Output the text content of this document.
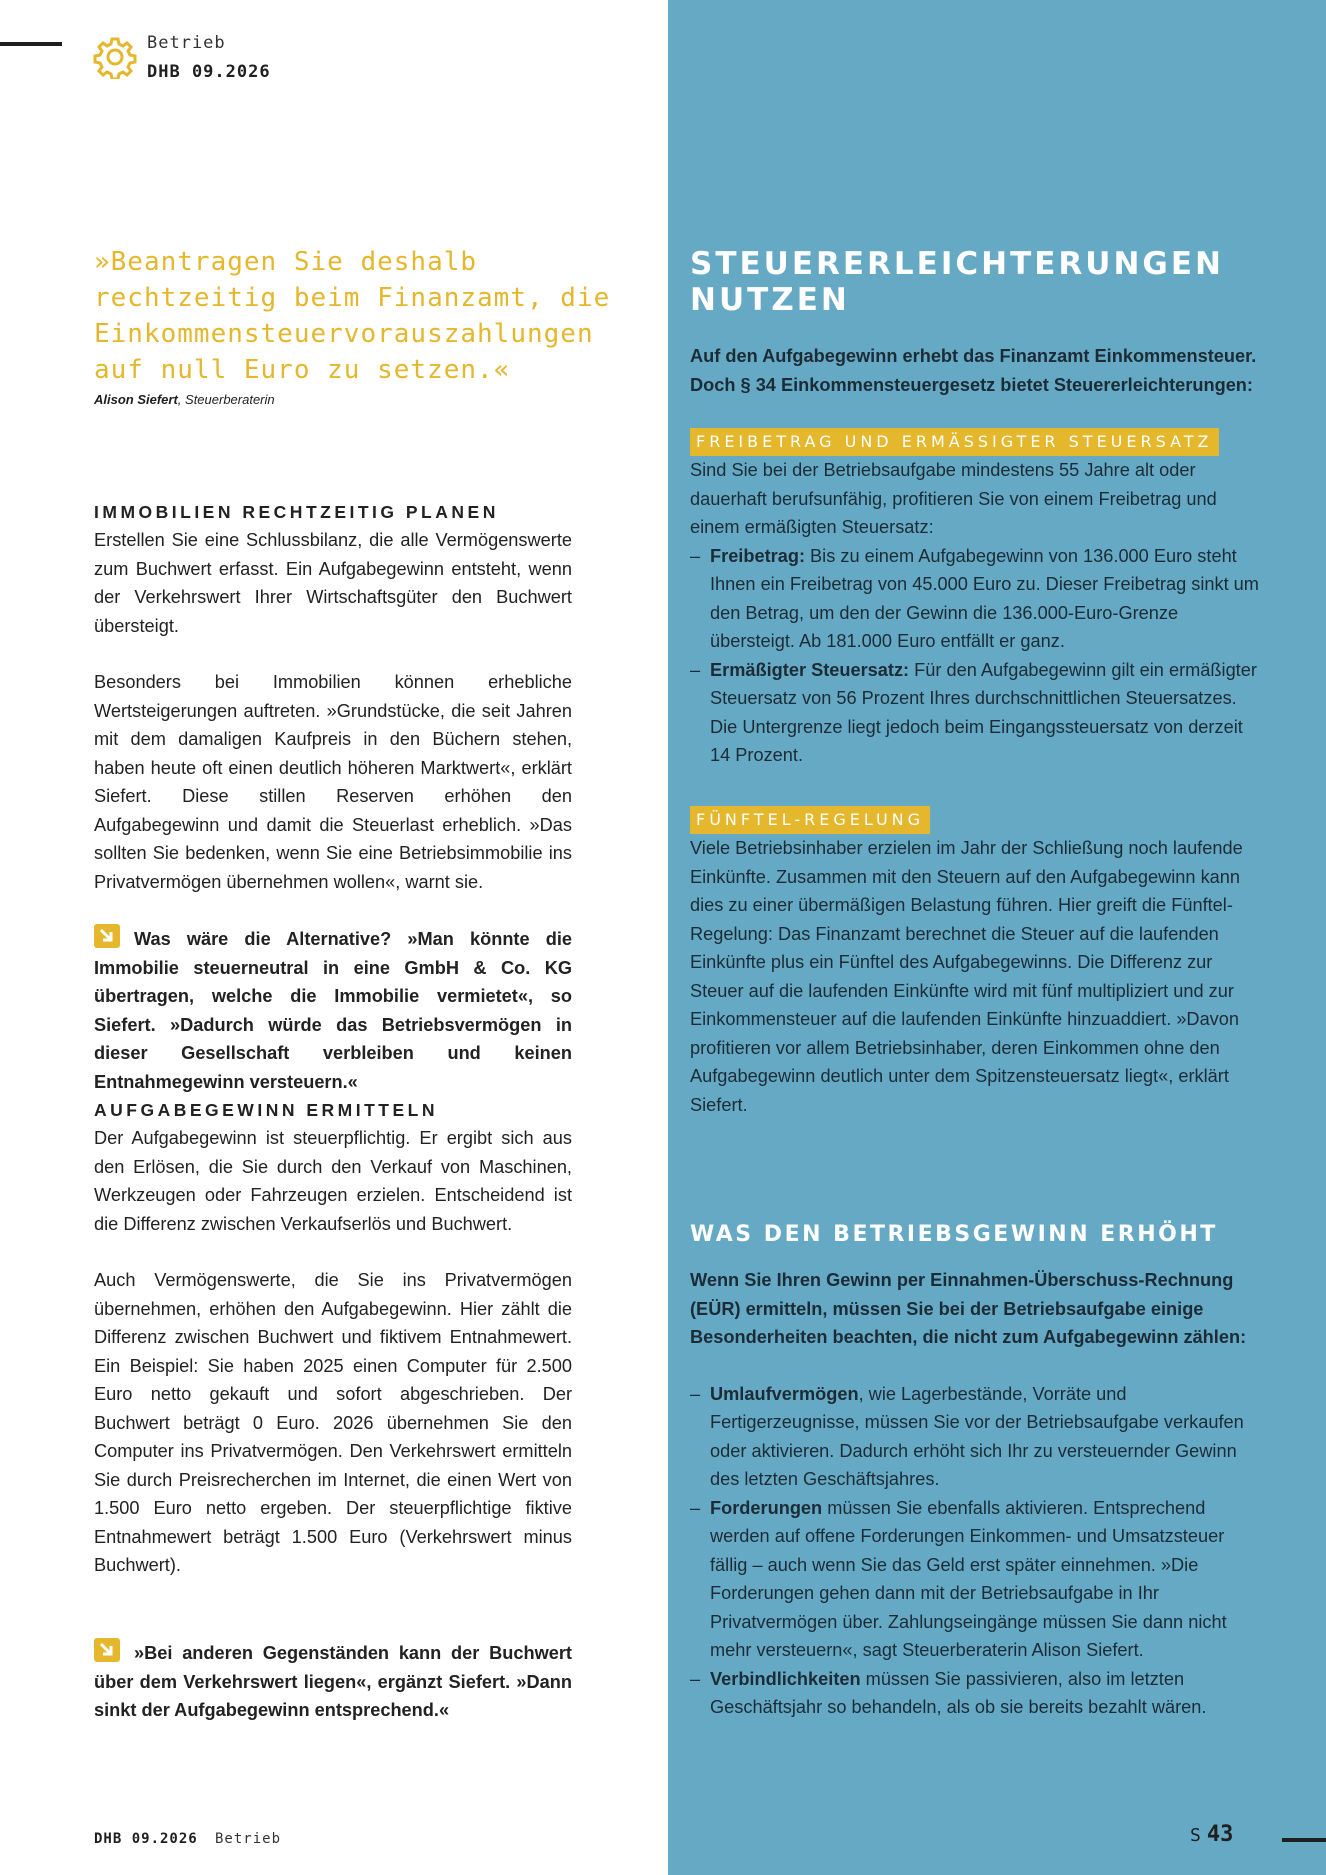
Betrieb
DHB 09.2026
»Beantragen Sie deshalb rechtzeitig beim Finanzamt, die Einkommensteuervorauszahlungen auf null Euro zu setzen.«
Alison Siefert, Steuerberaterin

IMMOBILIEN RECHTZEITIG PLANEN

Erstellen Sie eine Schlussbilanz, die alle Vermögenswerte zum Buchwert erfasst. Ein Aufgabegewinn entsteht, wenn der Verkehrswert Ihrer Wirtschaftsgüter den Buchwert übersteigt.

Besonders bei Immobilien können erhebliche Wertsteigerungen auftreten. »Grundstücke, die seit Jahren mit dem damaligen Kaufpreis in den Büchern stehen, haben heute oft einen deutlich höheren Marktwert«, erklärt Siefert. Diese stillen Reserven erhöhen den Aufgabegewinn und damit die Steuerlast erheblich. »Das sollten Sie bedenken, wenn Sie eine Betriebsimmobilie ins Privatvermögen übernehmen wollen«, warnt sie.

Was wäre die Alternative? »Man könnte die Immobilie steuerneutral in eine GmbH & Co. KG übertragen, welche die Immobilie vermietet«, so Siefert. »Dadurch würde das Betriebsvermögen in dieser Gesellschaft verbleiben und keinen Entnahmegewinn versteuern.«

AUFGABEGEWINN ERMITTELN

Der Aufgabegewinn ist steuerpflichtig. Er ergibt sich aus den Erlösen, die Sie durch den Verkauf von Maschinen, Werkzeugen oder Fahrzeugen erzielen. Entscheidend ist die Differenz zwischen Verkaufserlös und Buchwert.

Auch Vermögenswerte, die Sie ins Privatvermögen übernehmen, erhöhen den Aufgabegewinn. Hier zählt die Differenz zwischen Buchwert und fiktivem Entnahmewert. Ein Beispiel: Sie haben 2025 einen Computer für 2.500 Euro netto gekauft und sofort abgeschrieben. Der Buchwert beträgt 0 Euro. 2026 übernehmen Sie den Computer ins Privatvermögen. Den Verkehrswert ermitteln Sie durch Preisrecherchen im Internet, die einen Wert von 1.500 Euro netto ergeben. Der steuerpflichtige fiktive Entnahmewert beträgt 1.500 Euro (Verkehrswert minus Buchwert).

»Bei anderen Gegenständen kann der Buchwert über dem Verkehrswert liegen«, ergänzt Siefert. »Dann sinkt der Aufgabegewinn entsprechend.«

STEUERERLEICHTERUNGEN NUTZEN

Auf den Aufgabegewinn erhebt das Finanzamt Einkommensteuer. Doch § 34 Einkommensteuergesetz bietet Steuererleichterungen:

FREIBETRAG UND ERMÄSSIGTER STEUERSATZ

Sind Sie bei der Betriebsaufgabe mindestens 55 Jahre alt oder dauerhaft berufsunfähig, profitieren Sie von einem Freibetrag und einem ermäßigten Steuersatz:

– Freibetrag: Bis zu einem Aufgabegewinn von 136.000 Euro steht Ihnen ein Freibetrag von 45.000 Euro zu. Dieser Freibetrag sinkt um den Betrag, um den der Gewinn die 136.000-Euro-Grenze übersteigt. Ab 181.000 Euro entfällt er ganz.
– Ermäßigter Steuersatz: Für den Aufgabegewinn gilt ein ermäßigter Steuersatz von 56 Prozent Ihres durchschnittlichen Steuersatzes. Die Untergrenze liegt jedoch beim Eingangssteuersatz von derzeit 14 Prozent.
FÜNFTEL-REGELUNG

Viele Betriebsinhaber erzielen im Jahr der Schließung noch laufende Einkünfte. Zusammen mit den Steuern auf den Aufgabegewinn kann dies zu einer übermäßigen Belastung führen. Hier greift die Fünftel-Regelung: Das Finanzamt berechnet die Steuer auf die laufenden Einkünfte plus ein Fünftel des Aufgabegewinns. Die Differenz zur Steuer auf die laufenden Einkünfte wird mit fünf multipliziert und zur Einkommensteuer auf die laufenden Einkünfte hinzuaddiert. »Davon profitieren vor allem Betriebsinhaber, deren Einkommen ohne den Aufgabegewinn deutlich unter dem Spitzensteuersatz liegt«, erklärt Siefert.

WAS DEN BETRIEBSGEWINN ERHÖHT

Wenn Sie Ihren Gewinn per Einnahmen-Überschuss-Rechnung (EÜR) ermitteln, müssen Sie bei der Betriebsaufgabe einige Besonderheiten beachten, die nicht zum Aufgabegewinn zählen:

– Umlaufvermögen, wie Lagerbestände, Vorräte und Fertigerzeugnisse, müssen Sie vor der Betriebsaufgabe verkaufen oder aktivieren. Dadurch erhöht sich Ihr zu versteuernder Gewinn des letzten Geschäftsjahres.
– Forderungen müssen Sie ebenfalls aktivieren. Entsprechend werden auf offene Forderungen Einkommen- und Umsatzsteuer fällig – auch wenn Sie das Geld erst später einnehmen. »Die Forderungen gehen dann mit der Betriebsaufgabe in Ihr Privatvermögen über. Zahlungseingänge müssen Sie dann nicht mehr versteuern«, sagt Steuerberaterin Alison Siefert.
– Verbindlichkeiten müssen Sie passivieren, also im letzten Geschäftsjahr so behandeln, als ob sie bereits bezahlt wären.
DHB 09.2026 Betrieb	S 43
